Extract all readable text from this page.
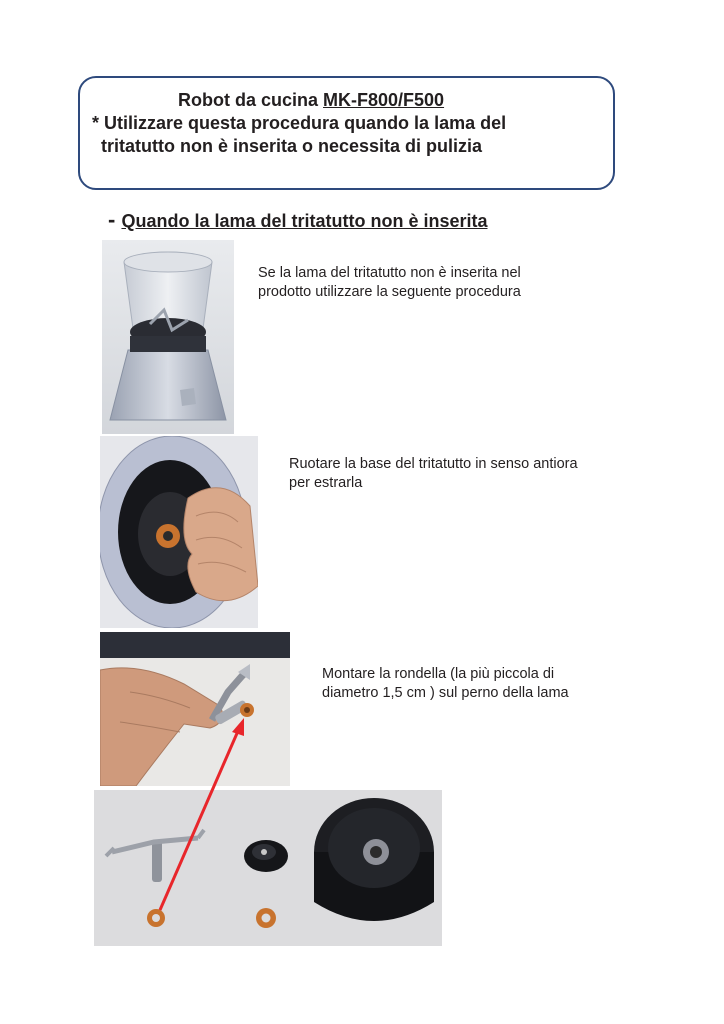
Robot da cucina MK-F800/F500
* Utilizzare questa procedura quando la lama del
tritatutto non è inserita o necessita di pulizia
- Quando la lama del tritatutto non è inserita
Se la lama del tritatutto non è inserita nel
prodotto utilizzare la seguente procedura
Ruotare la base del tritatutto in senso antiora
per estrarla
Montare la rondella (la più piccola di
diametro 1,5 cm ) sul perno della lama
